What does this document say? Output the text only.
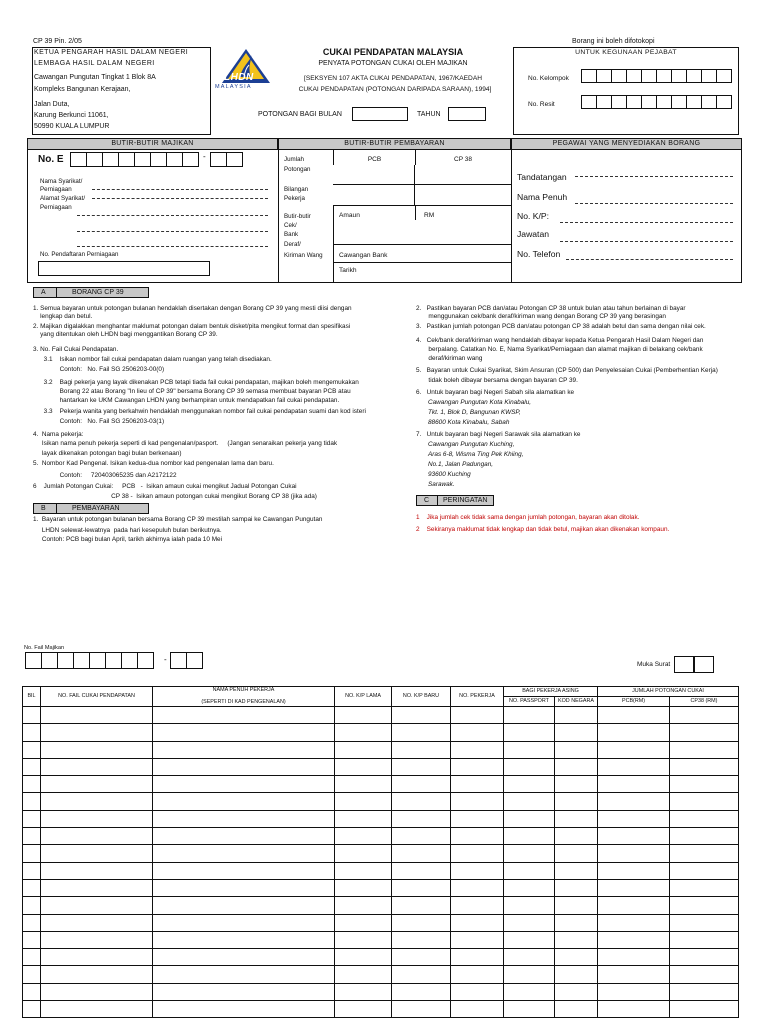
CP 39 Pin. 2/05	Borang ini boleh difotokopi
KETUA PENGARAH HASIL DALAM NEGERI
LEMBAGA HASIL DALAM NEGERI
Cawangan Pungutan Tingkat 1 Blok 8A
Kompleks Bangunan Kerajaan,
Jalan Duta,
Karung Berkunci 11061,
50990 KUALA LUMPUR
LHDN
MALAYSIA
CUKAI PENDAPATAN MALAYSIA
PENYATA POTONGAN CUKAI OLEH MAJIKAN
[SEKSYEN 107 AKTA CUKAI PENDAPATAN, 1967/KAEDAH
CUKAI PENDAPATAN (POTONGAN DARIPADA SARAAN), 1994]
POTONGAN BAGI BULAN	TAHUN
UNTUK KEGUNAAN PEJABAT
No. Kelompok
No. Resit
BUTIR-BUTIR MAJIKAN	BUTIR-BUTIR PEMBAYARAN	PEGAWAI YANG MENYEDIAKAN BORANG
No. E	-
Nama Syarikat/
Perniagaan
Alamat Syarikat/
Perniagaan
No. Pendaftaran Perniagaan
Jumlah
Potongan
PCB	CP 38
Bilangan
Pekerja
Butir-butir
Cek/
Bank
Deraf/
Kiriman Wang
Amaun	RM
Cawangan Bank
Tarikh
Tandatangan
Nama Penuh
No. K/P:
Jawatan
No. Telefon
A	BORANG CP 39
1. Semua bayaran untuk potongan bulanan hendaklah disertakan dengan Borang CP 39 yang mesti diisi dengan
lengkap dan betul.
2. Majikan digalakkan menghantar maklumat potongan dalam bentuk disket/pita mengikut format dan spesifikasi
yang ditentukan oleh LHDN bagi menggantikan Borang CP 39.
3. No. Fail Cukai Pendapatan.
3.1    Isikan nombor fail cukai pendapatan dalam ruangan yang telah disediakan.
Contoh:   No. Fail SG 2506203-00(0)
3.2    Bagi pekerja yang layak dikenakan PCB tetapi tiada fail cukai pendapatan, majikan boleh mengemukakan
Borang 22 atau Borang "In lieu of CP 39" bersama Borang CP 39 semasa membuat bayaran PCB atau
hantarkan ke UKM Cawangan LHDN yang berhampiran untuk mendapatkan fail cukai pendapatan.
3.3    Pekerja wanita yang berkahwin hendaklah menggunakan nombor fail cukai pendapatan suami dan kod isteri
Contoh:   No. Fail SG 2506203-03(1)
4.  Nama pekerja:
Isikan nama penuh pekerja seperti di kad pengenalan/pasport.     (Jangan senaraikan pekerja yang tidak
layak dikenakan potongan bagi bulan berkenaan)
5.  Nombor Kad Pengenal. Isikan kedua-dua nombor kad pengenalan lama dan baru.
Contoh:     720403065235 dan A2172122
6    Jumlah Potongan Cukai:     PCB   -  Isikan amaun cukai mengikut Jadual Potongan Cukai
CP 38 -  Isikan amaun potongan cukai mengikut Borang CP 38 (jika ada)
2.   Pastikan bayaran PCB dan/atau Potongan CP 38 untuk bulan atau tahun berlainan di bayar
menggunakan cek/bank deraf/kiriman wang dengan Borang CP 39 yang berasingan
3.   Pastikan jumlah potongan PCB dan/atau potongan CP 38 adalah betul dan sama dengan nilai cek.
4.   Cek/bank deraf/kiriman wang hendaklah dibayar kepada Ketua Pengarah Hasil Dalam Negeri dan
berpalang. Catatkan No. E, Nama Syarikat/Perniagaan dan alamat majikan di belakang cek/bank
deraf/kiriman wang
5.   Bayaran untuk Cukai Syarikat, Skim Ansuran (CP 500) dan Penyelesaian Cukai (Pemberhentian Kerja)
tidak boleh dibayar bersama dengan bayaran CP 39.
6.   Untuk bayaran bagi Negeri Sabah sila alamatkan ke
Cawangan Pungutan Kota Kinabalu,
Tkt. 1, Blok D, Bangunan KWSP,
88600 Kota Kinabalu, Sabah
7.   Untuk bayaran bagi Negeri Sarawak sila alamatkan ke
Cawangan Pungutan Kuching,
Aras 6-8, Wisma Ting Pek Khiing,
No.1, Jalan Padungan,
93600 Kuching
Sarawak.
B	PEMBAYARAN
1.  Bayaran untuk potongan bulanan bersama Borang CP 39 mestilah sampai ke Cawangan Pungutan
LHDN selewat-lewatnya  pada hari kesepuluh bulan berikutnya.
Contoh: PCB bagi bulan April, tarikh akhirnya ialah pada 10 Mei
C PERINGATAN
1    Jika jumlah cek tidak sama dengan jumlah potongan, bayaran akan ditolak.
2    Sekiranya maklumat tidak lengkap dan tidak betul, majikan akan dikenakan kompaun.
No. Fail Majikan
-
Muka Surat
BIL	NO. FAIL CUKAI PENDAPATAN	NAMA PENUH PEKERJA
(SEPERTI DI KAD PENGENALAN)	NO. K/P LAMA	NO. K/P BARU	NO. PEKERJA	BAGI PEKERJA ASING		JUMLAH POTONGAN CUKAI	
						NO. PASSPORT	KOD NEGARA	PCB(RM)	CP38 (RM)
